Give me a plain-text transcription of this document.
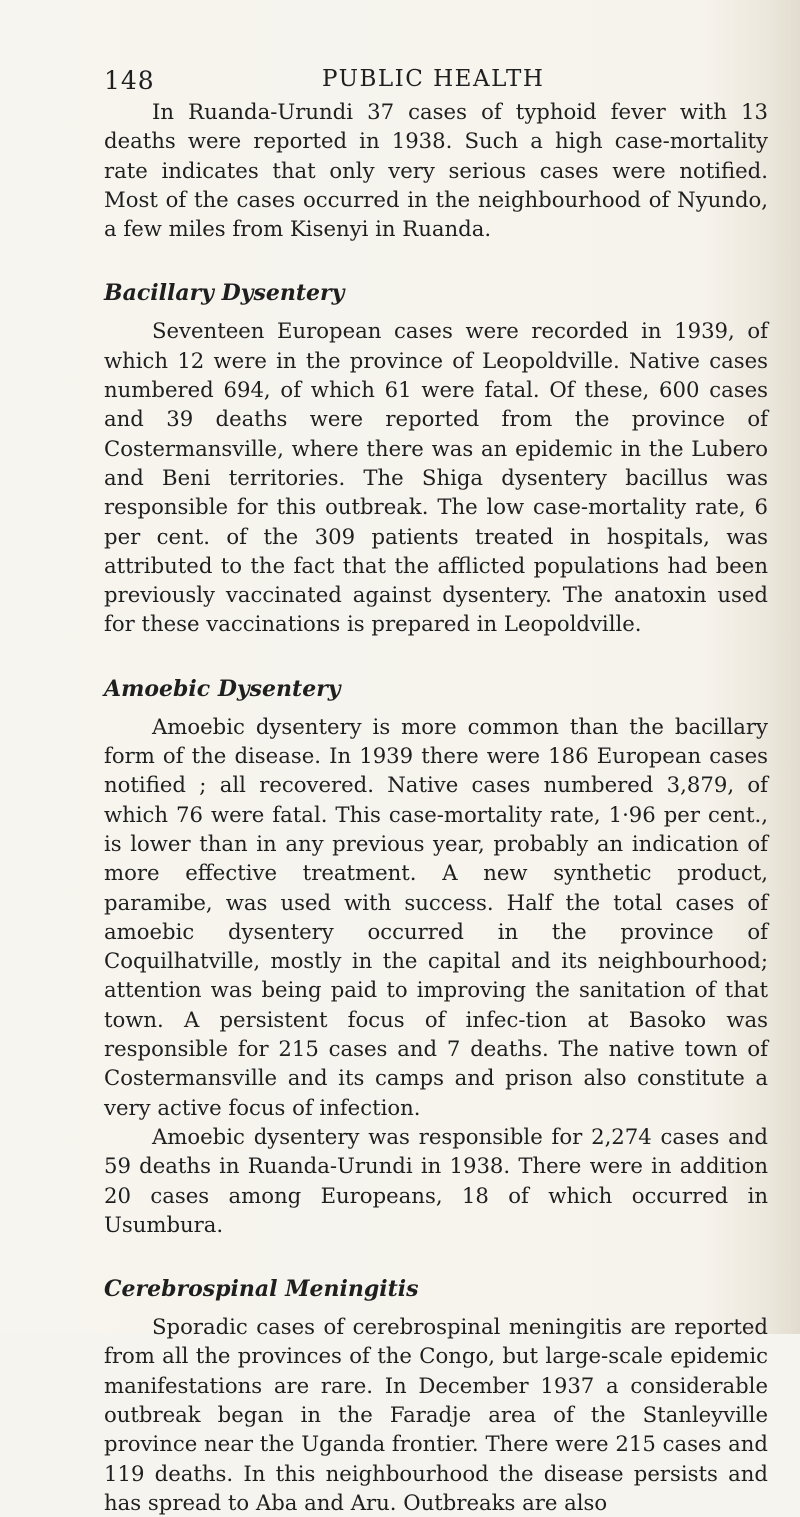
148	PUBLIC HEALTH

In Ruanda-Urundi 37 cases of typhoid fever with 13 deaths were reported in 1938. Such a high case-mortality rate indicates that only very serious cases were notified. Most of the cases occurred in the neighbourhood of Nyundo, a few miles from Kisenyi in Ruanda.

Bacillary Dysentery

Seventeen European cases were recorded in 1939, of which 12 were in the province of Leopoldville. Native cases numbered 694, of which 61 were fatal. Of these, 600 cases and 39 deaths were reported from the province of Costermansville, where there was an epidemic in the Lubero and Beni territories. The Shiga dysentery bacillus was responsible for this outbreak. The low case-mortality rate, 6 per cent. of the 309 patients treated in hospitals, was attributed to the fact that the afflicted populations had been previously vaccinated against dysentery. The anatoxin used for these vaccinations is prepared in Leopoldville.

Amoebic Dysentery

Amoebic dysentery is more common than the bacillary form of the disease. In 1939 there were 186 European cases notified ; all recovered. Native cases numbered 3,879, of which 76 were fatal. This case-mortality rate, 1·96 per cent., is lower than in any previous year, probably an indication of more effective treatment. A new synthetic product, paramibe, was used with success. Half the total cases of amoebic dysentery occurred in the province of Coquilhatville, mostly in the capital and its neighbourhood; attention was being paid to improving the sanitation of that town. A persistent focus of infec-tion at Basoko was responsible for 215 cases and 7 deaths. The native town of Costermansville and its camps and prison also constitute a very active focus of infection.

Amoebic dysentery was responsible for 2,274 cases and 59 deaths in Ruanda-Urundi in 1938. There were in addition 20 cases among Europeans, 18 of which occurred in Usumbura.

Cerebrospinal Meningitis

Sporadic cases of cerebrospinal meningitis are reported from all the provinces of the Congo, but large-scale epidemic manifestations are rare. In December 1937 a considerable outbreak began in the Faradje area of the Stanleyville province near the Uganda frontier. There were 215 cases and 119 deaths. In this neighbourhood the disease persists and has spread to Aba and Aru. Outbreaks are also
